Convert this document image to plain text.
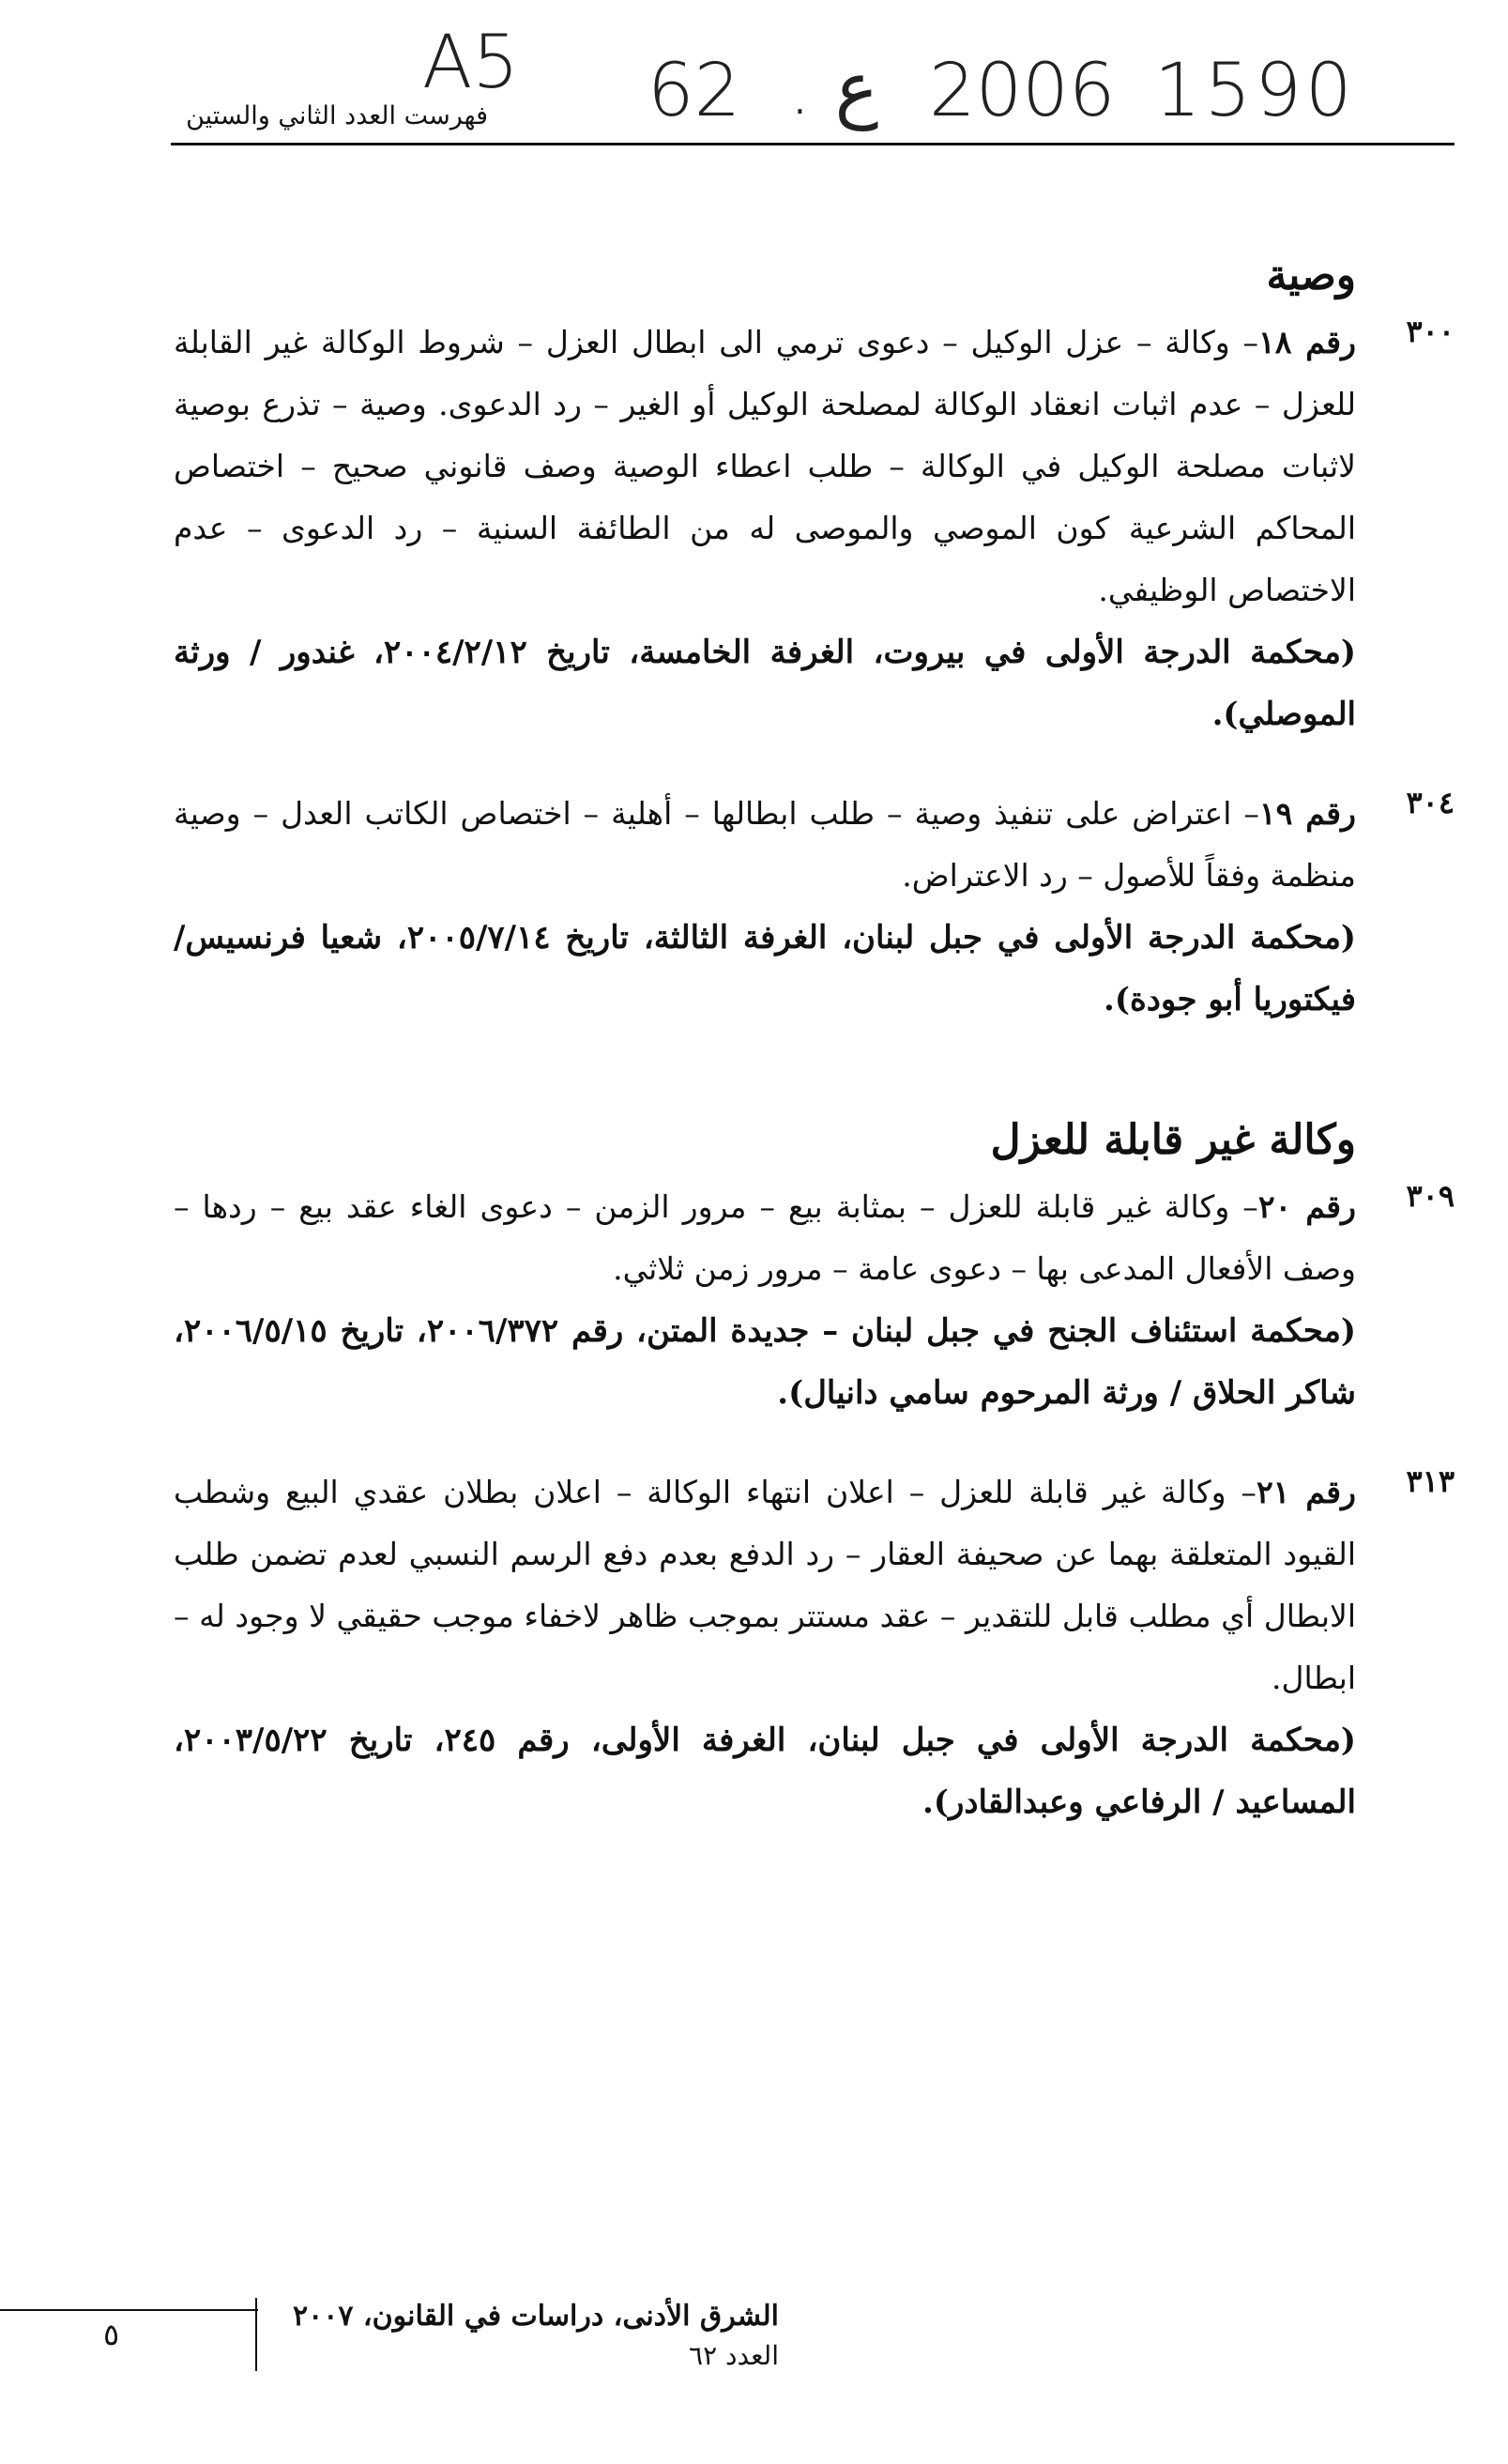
A5 62 . ع 2006 1590
فهرست العدد الثاني والستين
وصية
٣٠٠

رقم ١٨– وكالة – عزل الوكيل – دعوى ترمي الى ابطال العزل – شروط الوكالة غير القابلة للعزل – عدم اثبات انعقاد الوكالة لمصلحة الوكيل أو الغير – رد الدعوى. وصية – تذرع بوصية لاثبات مصلحة الوكيل في الوكالة – طلب اعطاء الوصية وصف قانوني صحيح – اختصاص المحاكم الشرعية كون الموصي والموصى له من الطائفة السنية – رد الدعوى – عدم الاختصاص الوظيفي.

(محكمة الدرجة الأولى في بيروت، الغرفة الخامسة، تاريخ ٢٠٠٤/٢/١٢، غندور / ورثة الموصلي).

٣٠٤

رقم ١٩– اعتراض على تنفيذ وصية – طلب ابطالها – أهلية – اختصاص الكاتب العدل – وصية منظمة وفقاً للأصول – رد الاعتراض.

(محكمة الدرجة الأولى في جبل لبنان، الغرفة الثالثة، تاريخ ٢٠٠٥/٧/١٤، شعيا فرنسيس/فيكتوريا أبو جودة).

وكالة غير قابلة للعزل
٣٠٩

رقم ٢٠– وكالة غير قابلة للعزل – بمثابة بيع – مرور الزمن – دعوى الغاء عقد بيع – ردها – وصف الأفعال المدعى بها – دعوى عامة – مرور زمن ثلاثي.

(محكمة استئناف الجنح في جبل لبنان – جديدة المتن، رقم ٢٠٠٦/٣٧٢، تاريخ ٢٠٠٦/٥/١٥، شاكر الحلاق / ورثة المرحوم سامي دانيال).

٣١٣

رقم ٢١– وكالة غير قابلة للعزل – اعلان انتهاء الوكالة – اعلان بطلان عقدي البيع وشطب القيود المتعلقة بهما عن صحيفة العقار – رد الدفع بعدم دفع الرسم النسبي لعدم تضمن طلب الابطال أي مطلب قابل للتقدير – عقد مستتر بموجب ظاهر لاخفاء موجب حقيقي لا وجود له – ابطال.

(محكمة الدرجة الأولى في جبل لبنان، الغرفة الأولى، رقم ٢٤٥، تاريخ ٢٠٠٣/٥/٢٢، المساعيد / الرفاعي وعبدالقادر).

٥
الشرق الأدنى، دراسات في القانون، ٢٠٠٧
العدد ٦٢
